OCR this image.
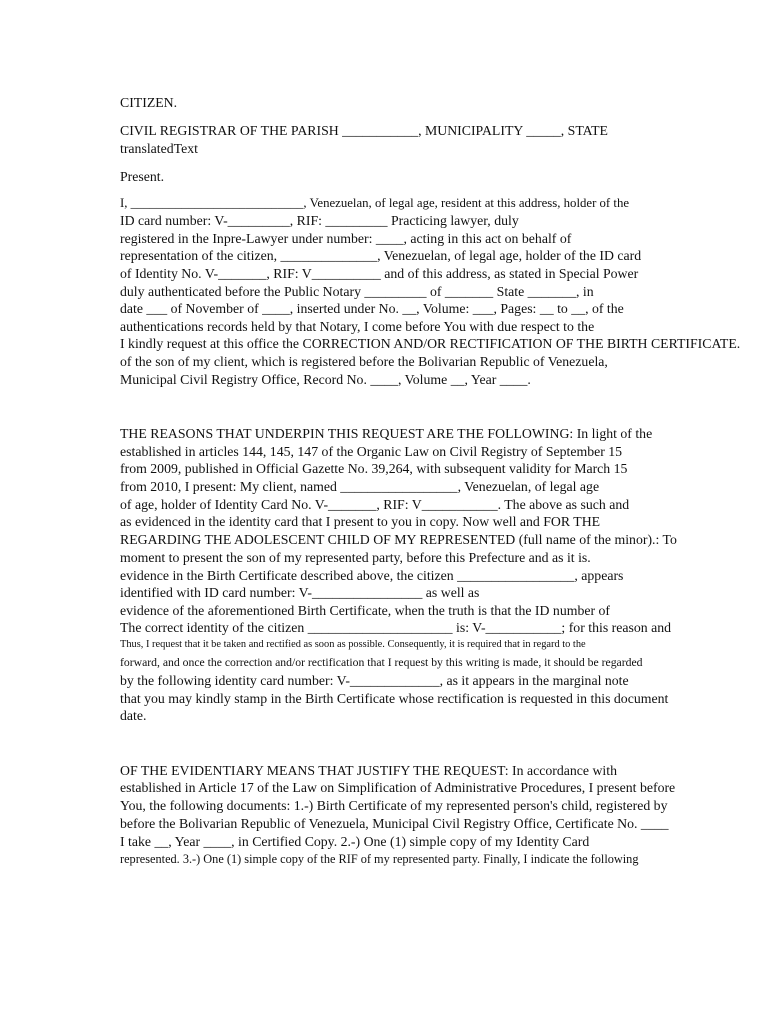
CITIZEN.
CIVIL REGISTRAR OF THE PARISH ___________, MUNICIPALITY _____, STATE
translatedText
Present.
I, ___________________________, Venezuelan, of legal age, resident at this address, holder of the
ID card number: V-_________, RIF: _________ Practicing lawyer, duly
registered in the Inpre-Lawyer under number: ____, acting in this act on behalf of
representation of the citizen, ______________, Venezuelan, of legal age, holder of the ID card
of Identity No. V-_______, RIF: V__________ and of this address, as stated in Special Power
duly authenticated before the Public Notary _________ of _______ State _______, in
date ___ of November of ____, inserted under No. __, Volume: ___, Pages: __ to __, of the
authentications records held by that Notary, I come before You with due respect to the
I kindly request at this office the CORRECTION AND/OR RECTIFICATION OF THE BIRTH CERTIFICATE.
of the son of my client, which is registered before the Bolivarian Republic of Venezuela,
Municipal Civil Registry Office, Record No. ____, Volume __, Year ____.
THE REASONS THAT UNDERPIN THIS REQUEST ARE THE FOLLOWING: In light of the
established in articles 144, 145, 147 of the Organic Law on Civil Registry of September 15
from 2009, published in Official Gazette No. 39,264, with subsequent validity for March 15
from 2010, I present: My client, named _________________, Venezuelan, of legal age
of age, holder of Identity Card No. V-_______, RIF: V___________. The above as such and
as evidenced in the identity card that I present to you in copy. Now well and FOR THE
REGARDING THE ADOLESCENT CHILD OF MY REPRESENTED (full name of the minor).: To
moment to present the son of my represented party, before this Prefecture and as it is.
evidence in the Birth Certificate described above, the citizen _________________, appears
identified with ID card number: V-________________ as well as
evidence of the aforementioned Birth Certificate, when the truth is that the ID number of
The correct identity of the citizen _____________________ is: V-___________; for this reason and
Thus, I request that it be taken and rectified as soon as possible. Consequently, it is required that in regard to the
forward, and once the correction and/or rectification that I request by this writing is made, it should be regarded
by the following identity card number: V-_____________, as it appears in the marginal note
that you may kindly stamp in the Birth Certificate whose rectification is requested in this document
date.
OF THE EVIDENTIARY MEANS THAT JUSTIFY THE REQUEST: In accordance with
established in Article 17 of the Law on Simplification of Administrative Procedures, I present before
You, the following documents: 1.-) Birth Certificate of my represented person's child, registered by
before the Bolivarian Republic of Venezuela, Municipal Civil Registry Office, Certificate No. ____
I take __, Year ____, in Certified Copy. 2.-) One (1) simple copy of my Identity Card
represented. 3.-) One (1) simple copy of the RIF of my represented party. Finally, I indicate the following
